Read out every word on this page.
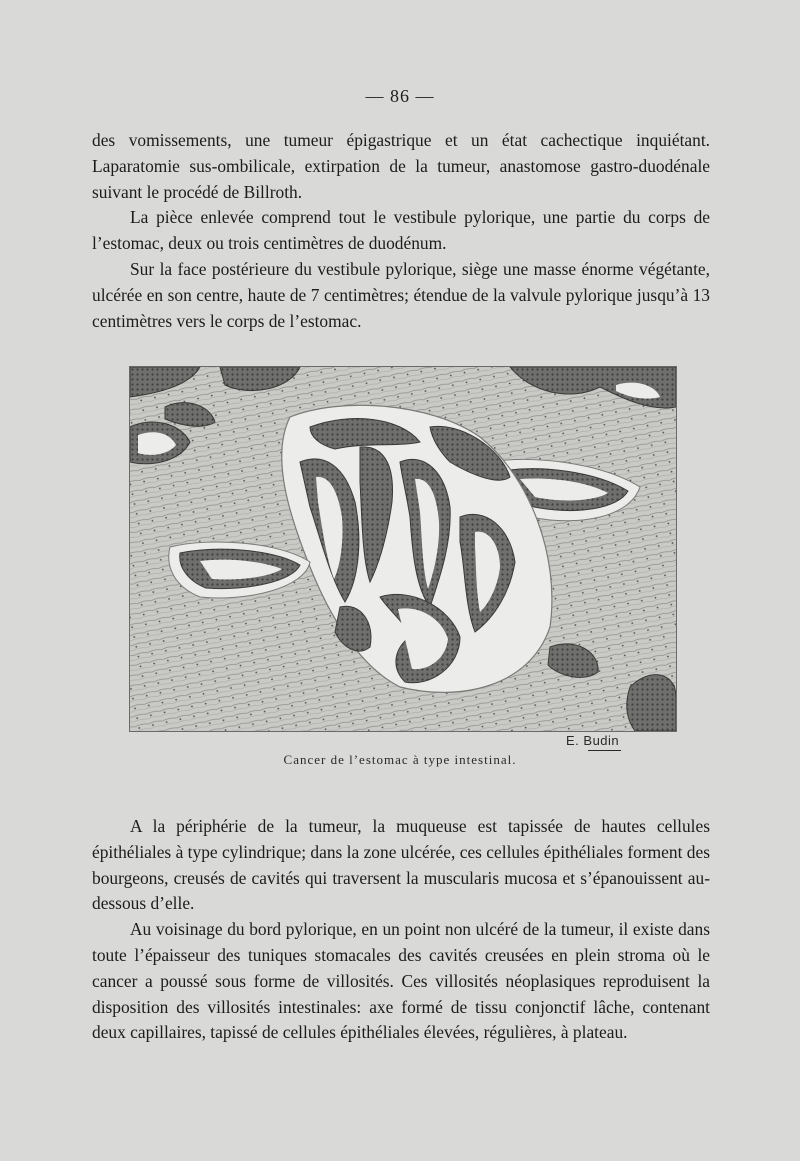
— 86 —

des vomissements, une tumeur épigastrique et un état cachectique inquiétant. Laparatomie sus-ombilicale, extirpation de la tumeur, anastomose gastro-duodénale suivant le procédé de Billroth.

La pièce enlevée comprend tout le vestibule pylorique, une partie du corps de l’estomac, deux ou trois centimètres de duodénum.

Sur la face postérieure du vestibule pylorique, siège une masse énorme végétante, ulcérée en son centre, haute de 7 centimètres; étendue de la valvule pylorique jusqu’à 13 centimètres vers le corps de l’estomac.

E. Budin
Cancer de l’estomac à type intestinal.

A la périphérie de la tumeur, la muqueuse est tapissée de hautes cellules épithéliales à type cylindrique; dans la zone ulcérée, ces cellules épithéliales forment des bourgeons, creusés de cavités qui traversent la muscularis mucosa et s’épanouissent au-dessous d’elle.

Au voisinage du bord pylorique, en un point non ulcéré de la tumeur, il existe dans toute l’épaisseur des tuniques stomacales des cavités creusées en plein stroma où le cancer a poussé sous forme de villosités. Ces villosités néoplasiques reproduisent la disposition des villosités intestinales: axe formé de tissu conjonctif lâche, contenant deux capillaires, tapissé de cellules épithéliales élevées, régulières, à plateau.
